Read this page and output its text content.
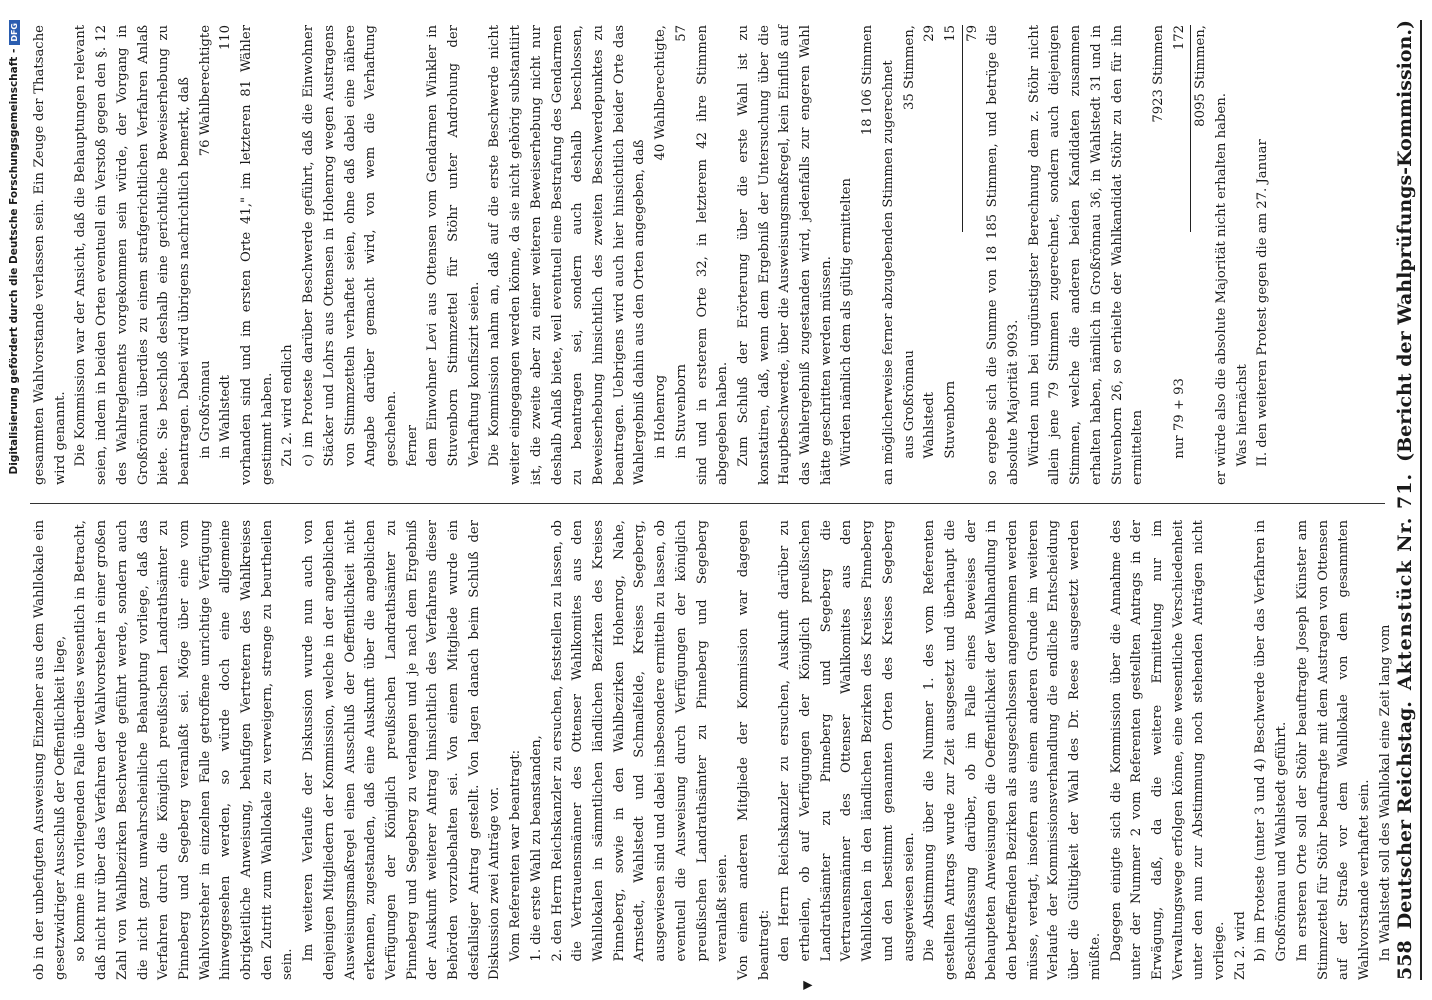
Digitalisierung gefördert durch die Deutsche Forschungsgemeinschaft -
DFG
558
Deutscher Reichstag.
Aktenstück Nr. 71.
(Bericht der Wahlprüfungs-Kommission.)

ob in der unbefugten Ausweisung Einzelner aus dem Wahllokale ein gesetzwidriger Ausschluß der Oeffentlichkeit liege, so komme im vorliegenden Falle überdies wesentlich in Betracht, daß nicht nur über das Verfahren der Wahlvorsteher in einer großen Zahl von Wahlbezirken Beschwerde geführt werde, sondern auch die nicht ganz unwahrscheinliche Behauptung vorliege, daß das Verfahren durch die Königlich preußischen Landrathsämter zu Pinneberg und Segeberg veranlaßt sei. Möge über eine vom Wahlvorsteher in einzelnen Falle getroffene unrichtige Verfügung hinweggesehen werden, so würde doch eine allgemeine obrigkeitliche Anweisung, behufigen Vertretern des Wahlkreises den Zutritt zum Wahllokale zu verweigern, strenge zu beurtheilen sein.

Im weiteren Verlaufe der Diskussion wurde nun auch von denjenigen Mitgliedern der Kommission, welche in der angeblichen Ausweisungsmaßregel einen Ausschluß der Oeffentlichkeit nicht erkennen, zugestanden, daß eine Auskunft über die angeblichen Verfügungen der Königlich preußischen Landrathsämter zu Pinneberg und Segeberg zu verlangen und je nach dem Ergebniß der Auskunft weiterer Antrag hinsichtlich des Verfahrens dieser Behörden vorzubehalten sei. Von einem Mitgliede wurde ein desfallsiger Antrag gestellt. Von lagen danach beim Schluß der Diskussion zwei Anträge vor. Vom Referenten war beantragt: 1. die erste Wahl zu beanstanden, 2. den Herrn Reichskanzler zu ersuchen, feststellen zu lassen, ob die Vertrauensmänner des Ottenser Wahlkomites aus den Wahllokalen in sämmtlichen ländlichen Bezirken des Kreises Pinneberg, sowie in den Wahlbezirken Hohenrog, Nahe, Arnstedt, Wahlstedt und Schmalfelde, Kreises Segeberg, ausgewiesen sind und dabei insbesondere ermitteln zu lassen, ob eventuell die Ausweisung durch Verfügungen der königlich preußischen Landrathsämter zu Pinneberg und Segeberg veranlaßt seien. Von einem anderen Mitgliede der Kommission war dagegen beantragt: den Herrn Reichskanzler zu ersuchen, Auskunft darüber zu ertheilen, ob auf Verfügungen der Königlich preußischen Landrathsämter zu Pinneberg und Segeberg die Vertrauensmänner des Ottenser Wahlkomites aus den Wahllokalen in den ländlichen Bezirken des Kreises Pinneberg und den bestimmt genannten Orten des Kreises Segeberg ausgewiesen seien. Die Abstimmung über die Nummer 1. des vom Referenten gestellten Antrags wurde zur Zeit ausgesetzt und überhaupt die Beschlußfassung darüber, ob im Falle eines Beweises der behaupteten Anweisungen die Oeffentlichkeit der Wahlhandlung in den betreffenden Bezirken als ausgeschlossen angenommen werden müsse, vertagt, insofern aus einem anderen Grunde im weiteren Verlaufe der Kommissionsverhandlung die endliche Entscheidung über die Gültigkeit der Wahl des Dr. Reese ausgesetzt werden müßte. Dagegen einigte sich die Kommission über die Annahme des unter der Nummer 2 vom Referenten gestellten Antrags in der Erwägung, daß, da die weitere Ermittelung nur im Verwaltungswege erfolgen könne, eine wesentliche Verschiedenheit unter den nun zur Abstimmung noch stehenden Anträgen nicht vorliege. Zu 2. wird b) im Proteste (unter 3 und 4) Beschwerde über das Verfahren in Großrönnau und Wahlstedt geführt. Im ersteren Orte soll der Stöhr beauftragte Joseph Künster am Stimmzettel für Stöhr beauftragte mit dem Austragen von Ottensen auf der Straße vor dem Wahllokale von dem gesammten Wahlvorstande verhaftet sein. In Wahlstedt soll des Wahllokal eine Zeit lang vom

gesammten Wahlvorstande verlassen sein. Ein Zeuge der Thatsache wird genannt. Die Kommission war der Ansicht, daß die Behauptungen relevant seien, indem in beiden Orten eventuell ein Verstoß gegen den §. 12 des Wahlreglements vorgekommen sein würde, der Vorgang in Großrönnau überdies zu einem strafgerichtlichen Verfahren Anlaß biete. Sie beschloß deshalb eine gerichtliche Beweiserhebung zu beantragen. Dabei wird übrigens nachrichtlich bemerkt, daß in Großrönnau
76 Wahlberechtigte
in Wahlstedt
110 vorhanden sind und im ersten Orte 41," im letzteren 81 Wähler gestimmt haben. Zu 2. wird endlich c) im Proteste darüber Beschwerde geführt, daß die Einwohner Stäcker und Lohrs aus Ottensen in Hohenrog wegen Austragens von Stimmzetteln verhaftet seien, ohne daß dabei eine nähere Angabe darüber gemacht wird, von wem die Verhaftung geschehen. ferner dem Einwohner Levi aus Ottensen vom Gendarmen Winkler in Stuvenborn Stimmzettel für Stöhr unter Androhung der Verhaftung konfiszirt seien. Die Kommission nahm an, daß auf die erste Beschwerde nicht weiter eingegangen werden könne, da sie nicht gehörig substantiirt ist, die zweite aber zu einer weiteren Beweiserhebung nicht nur deshalb Anlaß biete, weil eventuell eine Bestrafung des Gendarmen zu beantragen sei, sondern auch deshalb beschlossen, Beweiserhebung hinsichtlich des zweiten Beschwerdepunktes zu beantragen. Uebrigens wird auch hier hinsichtlich beider Orte das Wahlergebniß dahin aus den Orten angegeben, daß in Hohenrog
40 Wahlberechtigte,
in Stuvenborn
57 sind und in ersterem Orte 32, in letzterem 42 ihre Stimmen abgegeben haben. Zum Schluß der Erörterung über die erste Wahl ist zu konstatiren, daß, wenn dem Ergebniß der Untersuchung über die Hauptbeschwerde, über die Ausweisungsmaßregel, kein Einfluß auf das Wahlergebniß zugestanden wird, jedenfalls zur engeren Wahl hätte geschritten werden müssen. Würden nämlich dem als gültig ermittelten

18 106 Stimmen an möglicherweise ferner abzugebenden Stimmen zugerechnet aus Großrönnau
35 Stimmen,
Wahlstedt
29
Stuvenborn
15 79 so ergebe sich die Summe von 18 185 Stimmen, und betrüge die absolute Majorität 9093. Würden nun bei ungünstigster Berechnung dem z. Stöhr nicht allein jene 79 Stimmen zugerechnet, sondern auch diejenigen Stimmen, welche die anderen beiden Kandidaten zusammen erhalten haben, nämlich in Großrönnau 36, in Wahlstedt 31 und in Stuvenborn 26, so erhielte der Wahlkandidat Stöhr zu den für ihn ermittelten

7923 Stimmen
nur 79 + 93
172 8095 Stimmen,

er würde also die absolute Majorität nicht erhalten haben. Was hiernächst II. den weiteren Protest gegen die am 27. Januar

▼
